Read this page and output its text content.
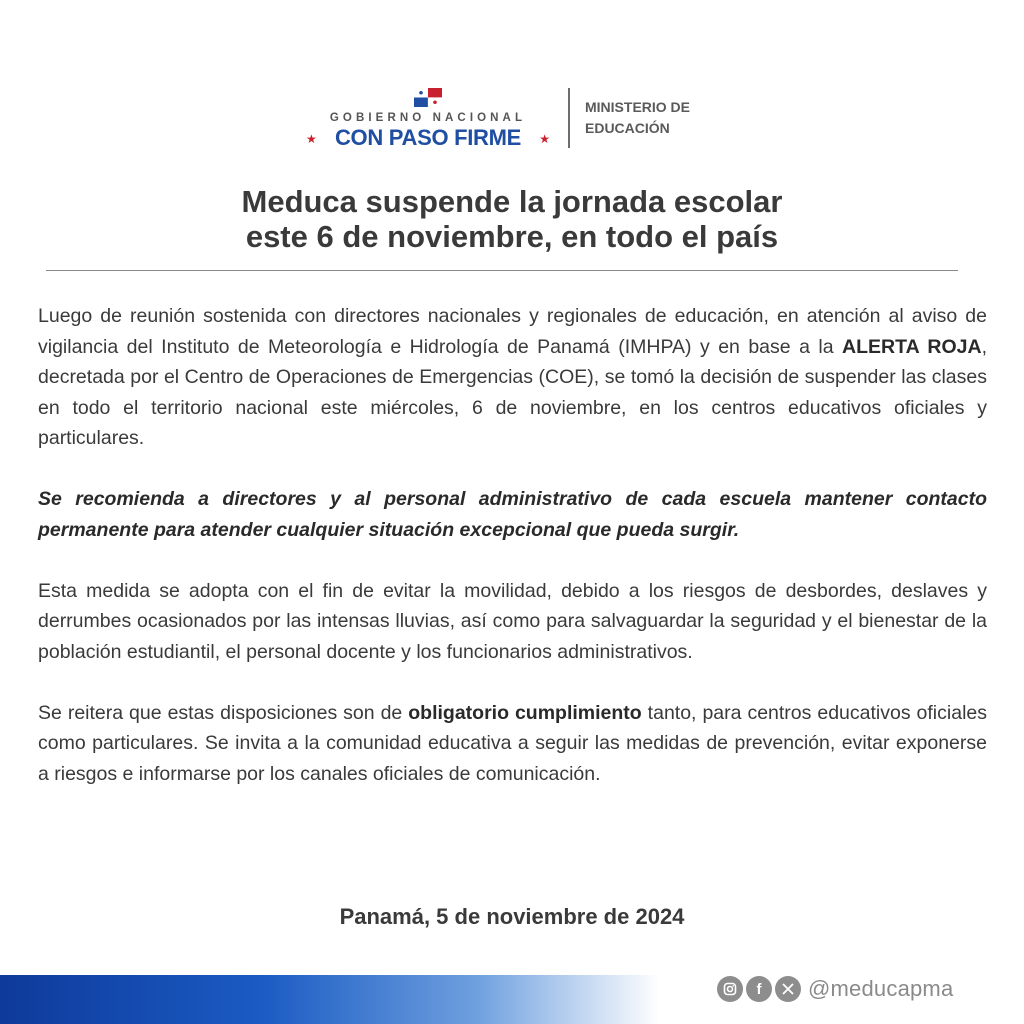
GOBIERNO NACIONAL
★ CON PASO FIRME	★
MINISTERIO DE
EDUCACIÓN
Meduca suspende la jornada escolar
este 6 de noviembre, en todo el país

Luego de reunión sostenida con directores nacionales y regionales de educación, en atención al aviso de vigilancia del Instituto de Meteorología e Hidrología de Panamá (IMHPA) y en base a la ALERTA ROJA, decretada por el Centro de Operaciones de Emergencias (COE), se tomó la decisión de suspender las clases en todo el territorio nacional este miércoles, 6 de noviembre, en los centros educativos oficiales y particulares.

Se recomienda a directores y al personal administrativo de cada escuela mantener contacto permanente para atender cualquier situación excepcional que pueda surgir.

Esta medida se adopta con el fin de evitar la movilidad, debido a los riesgos de desbordes, deslaves y derrumbes ocasionados por las intensas lluvias, así como para salvaguardar la seguridad y el bienestar de la población estudiantil, el personal docente y los funcionarios administrativos.

Se reitera que estas disposiciones son de obligatorio cumplimiento tanto, para centros educativos oficiales como particulares. Se invita a la comunidad educativa a seguir las medidas de prevención, evitar exponerse a riesgos e informarse por los canales oficiales de comunicación.

Panamá, 5 de noviembre de 2024
f	@meducapma
